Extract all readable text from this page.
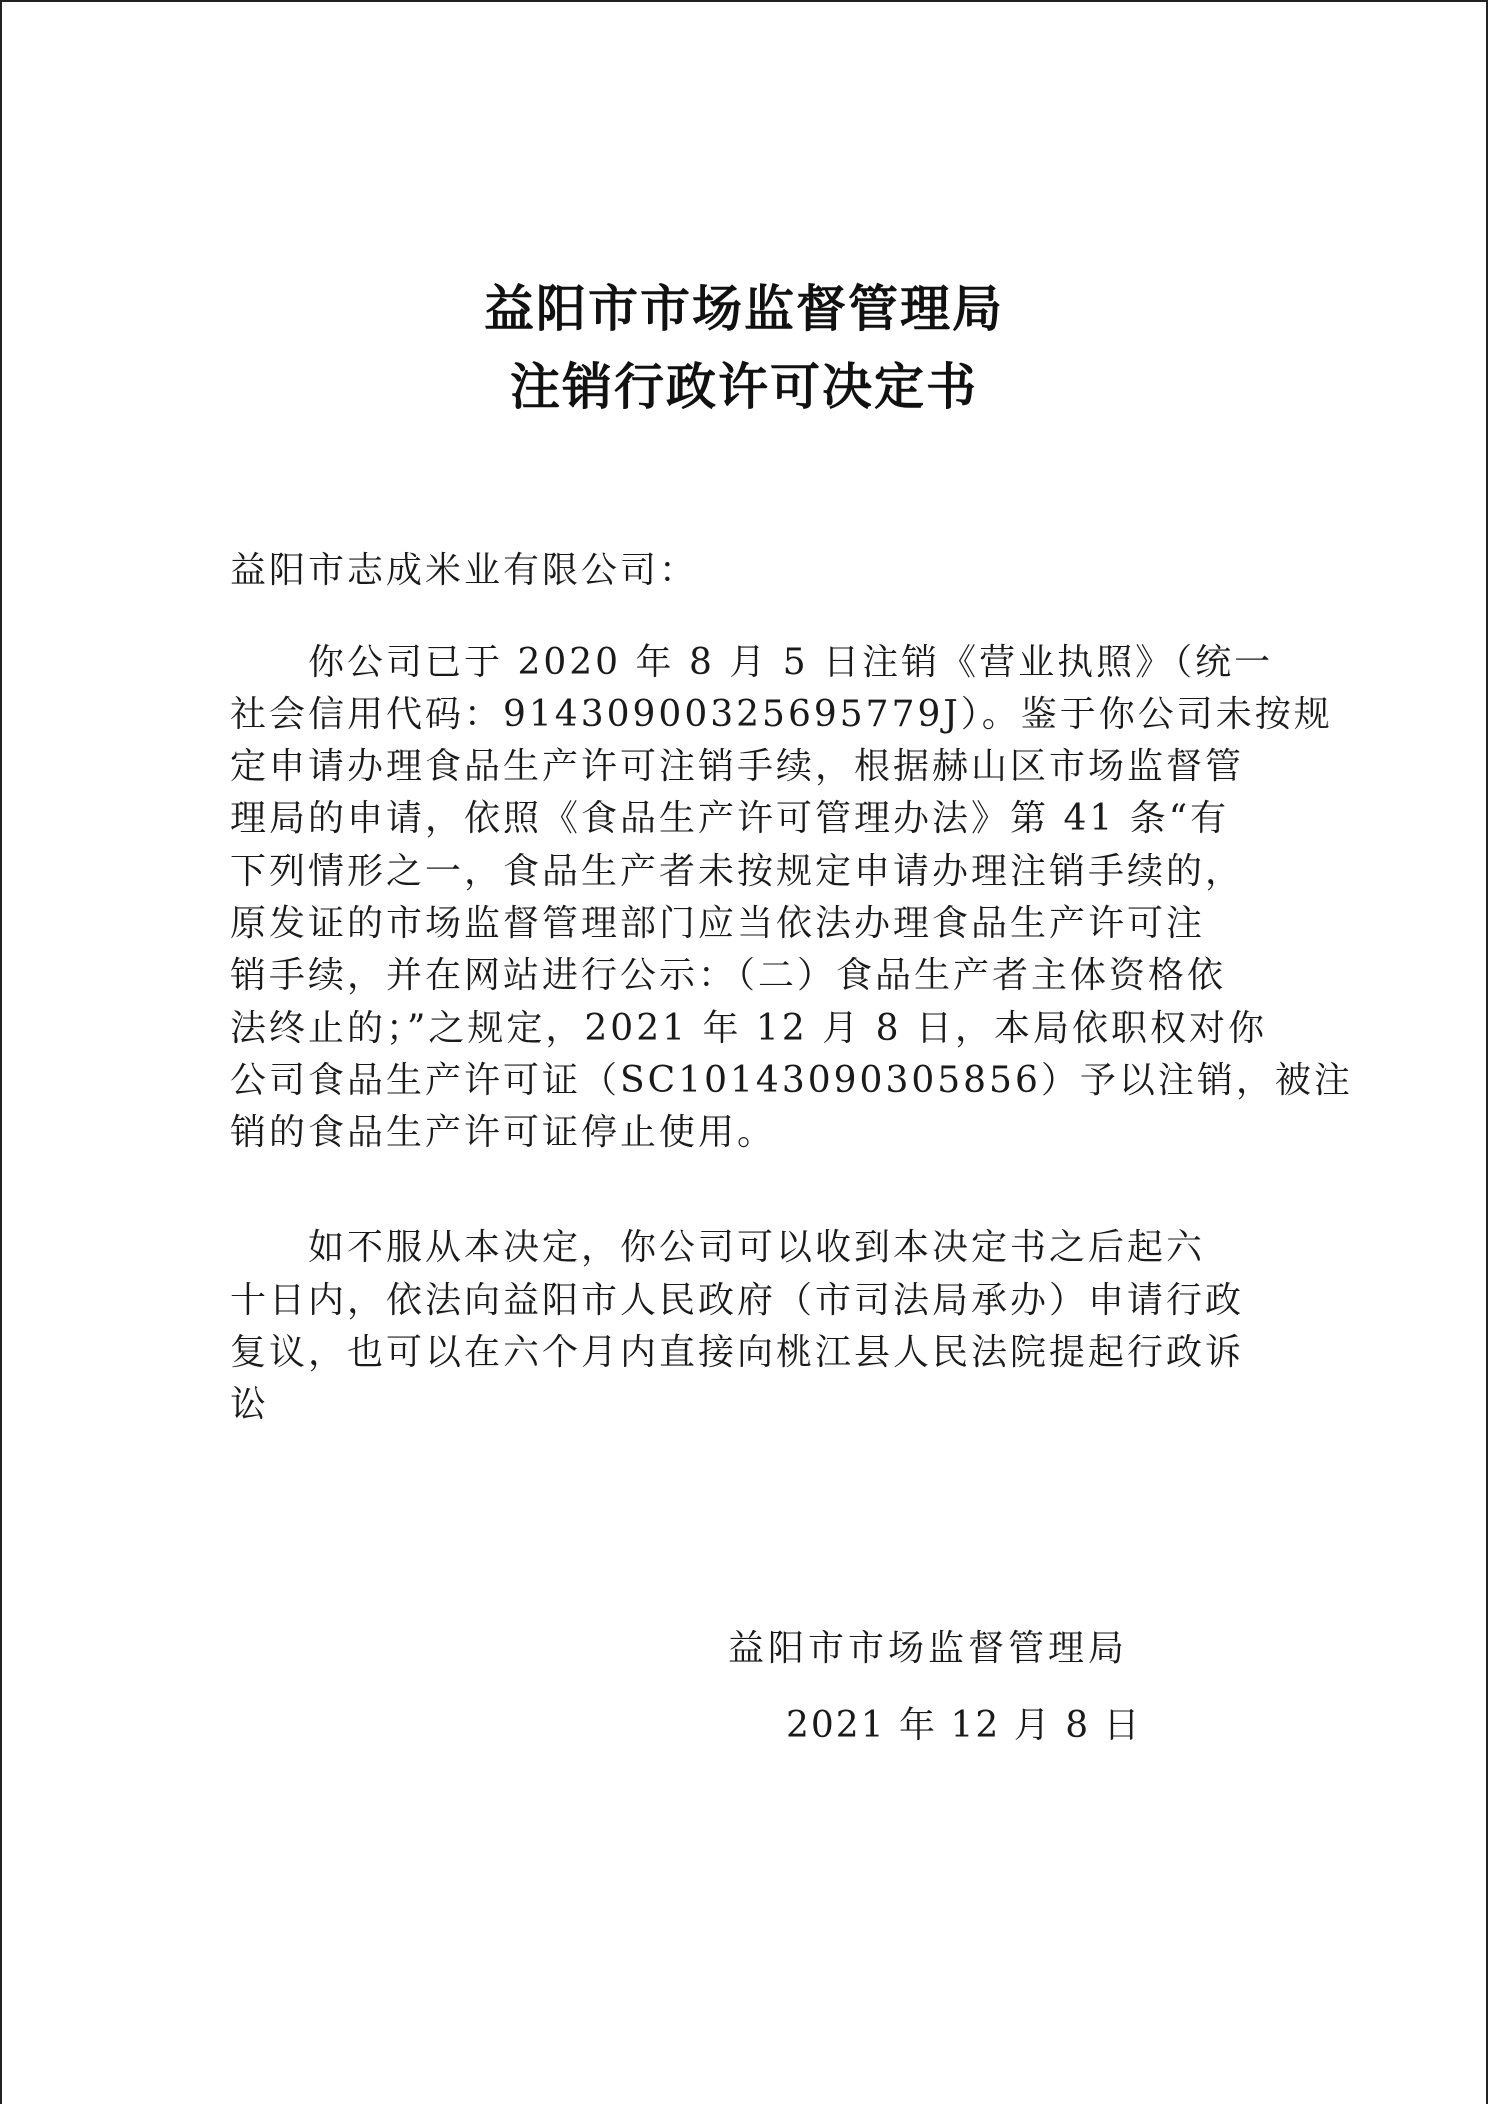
益阳市市场监督管理局
注销行政许可决定书
益阳市志成米业有限公司：
　　你公司已于 2020 年 8 月 5 日注销《营业执照》（统一
社会信用代码：91430900325695779J）。鉴于你公司未按规
定申请办理食品生产许可注销手续，根据赫山区市场监督管
理局的申请，依照《食品生产许可管理办法》第 41 条“有
下列情形之一，食品生产者未按规定申请办理注销手续的，
原发证的市场监督管理部门应当依法办理食品生产许可注
销手续，并在网站进行公示：（二）食品生产者主体资格依
法终止的；”之规定，2021 年 12 月 8 日，本局依职权对你
公司食品生产许可证（SC10143090305856）予以注销，被注
销的食品生产许可证停止使用。
　　如不服从本决定，你公司可以收到本决定书之后起六
十日内，依法向益阳市人民政府（市司法局承办）申请行政
复议，也可以在六个月内直接向桃江县人民法院提起行政诉
讼
益阳市市场监督管理局
2021 年 12 月 8 日
